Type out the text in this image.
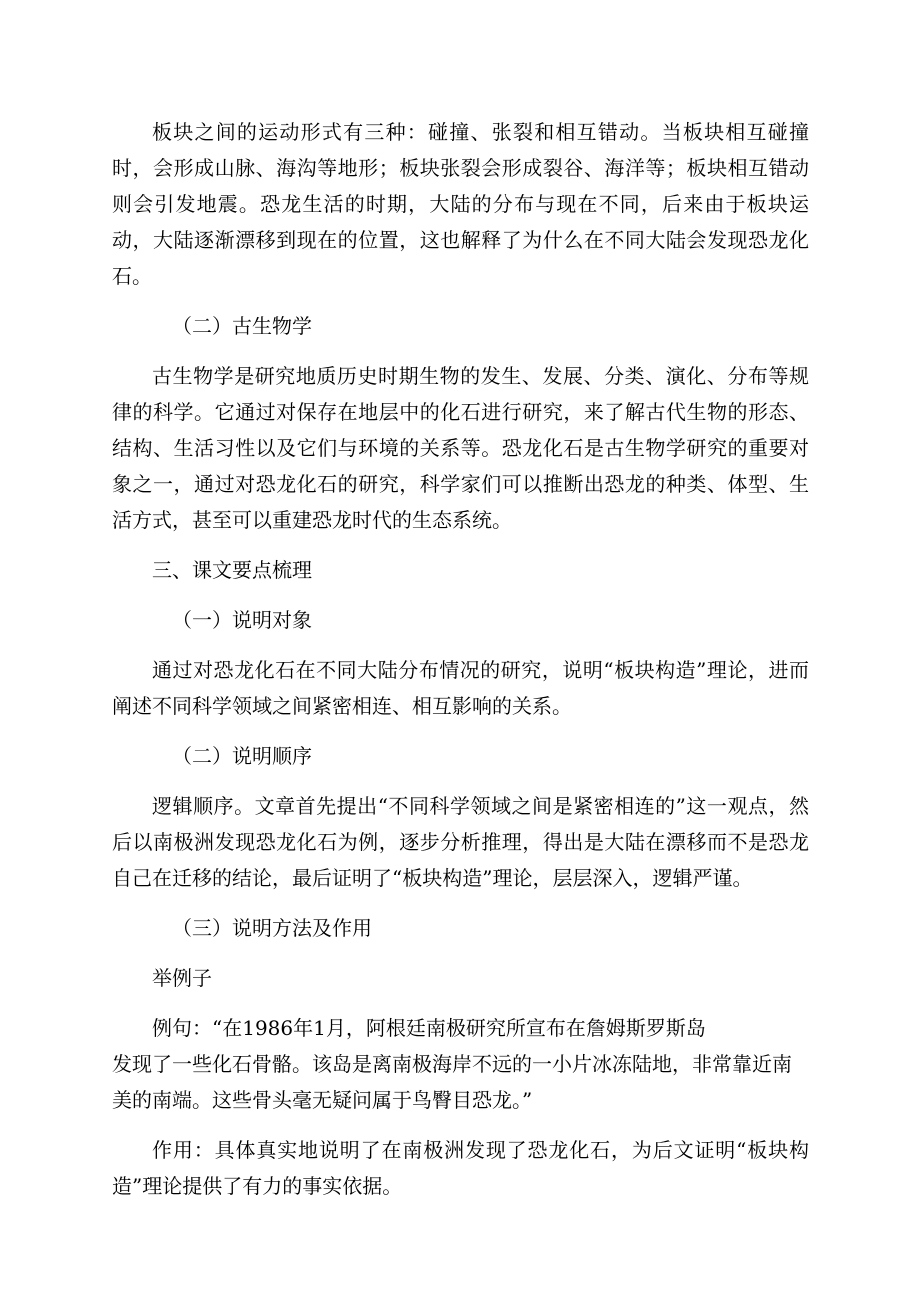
板块之间的运动形式有三种：碰撞、张裂和相互错动。当板块相互碰撞时，会形成山脉、海沟等地形；板块张裂会形成裂谷、海洋等；板块相互错动则会引发地震。恐龙生活的时期，大陆的分布与现在不同，后来由于板块运动，大陆逐渐漂移到现在的位置，这也解释了为什么在不同大陆会发现恐龙化石。

（二）古生物学

古生物学是研究地质历史时期生物的发生、发展、分类、演化、分布等规律的科学。它通过对保存在地层中的化石进行研究，来了解古代生物的形态、结构、生活习性以及它们与环境的关系等。恐龙化石是古生物学研究的重要对象之一，通过对恐龙化石的研究，科学家们可以推断出恐龙的种类、体型、生活方式，甚至可以重建恐龙时代的生态系统。

三、课文要点梳理

（一）说明对象

通过对恐龙化石在不同大陆分布情况的研究，说明“板块构造”理论，进而阐述不同科学领域之间紧密相连、相互影响的关系。

（二）说明顺序

逻辑顺序。文章首先提出“不同科学领域之间是紧密相连的”这一观点，然后以南极洲发现恐龙化石为例，逐步分析推理，得出是大陆在漂移而不是恐龙自己在迁移的结论，最后证明了“板块构造”理论，层层深入，逻辑严谨。

（三）说明方法及作用

举例子

例句：“在1986年1月，阿根廷南极研究所宣布在詹姆斯罗斯岛
发现了一些化石骨骼。该岛是离南极海岸不远的一小片冰冻陆地，非常靠近南美的南端。这些骨头毫无疑问属于鸟臀目恐龙。”

作用：具体真实地说明了在南极洲发现了恐龙化石，为后文证明“板块构造”理论提供了有力的事实依据。
